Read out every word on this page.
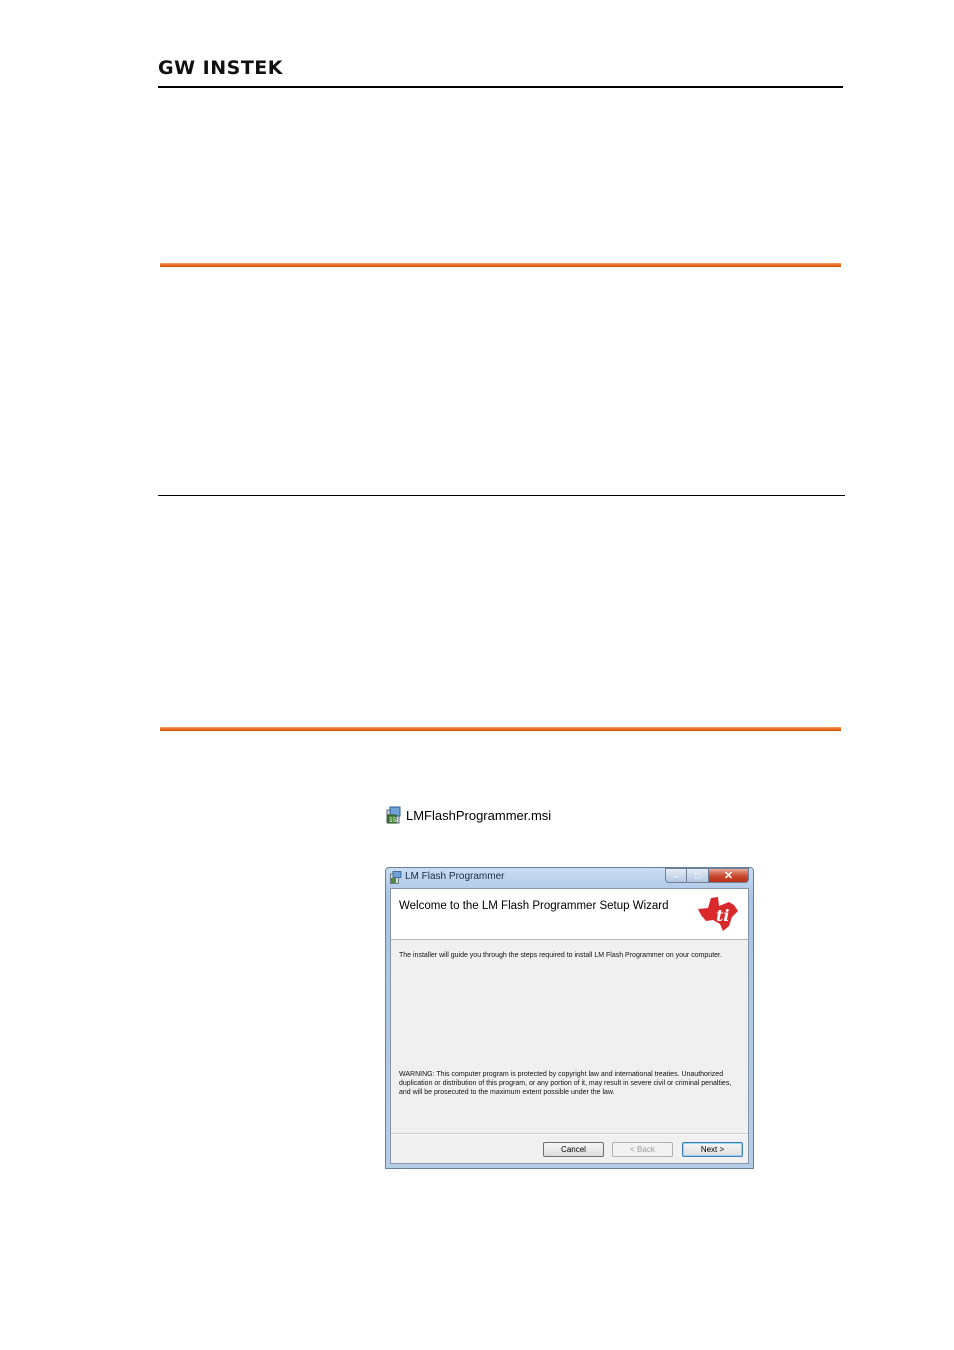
GW INSTEK
15 LMFlashProgrammer.msi
LM Flash Programmer	–	□	✕
Welcome to the LM Flash Programmer Setup Wizard	ti
The installer will guide you through the steps required to install LM Flash Programmer on your computer.
WARNING: This computer program is protected by copyright law and international treaties. Unauthorized duplication or distribution of this program, or any portion of it, may result in severe civil or criminal penalties, and will be prosecuted to the maximum extent possible under the law.
Cancel	< Back	Next >
